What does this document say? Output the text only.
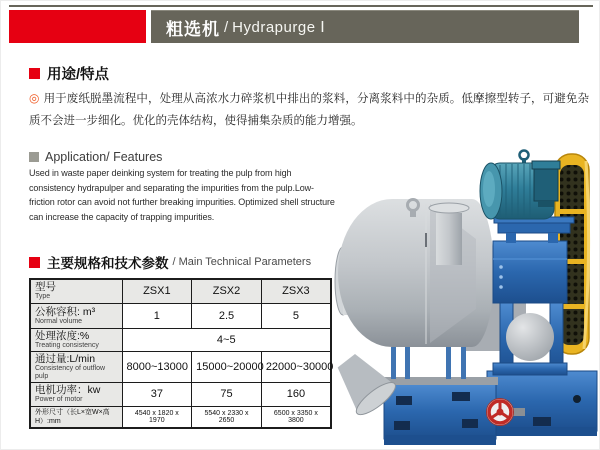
粗选机 / Hydrapurge Ⅰ
用途/特点
◎ 用于废纸脱墨流程中，处理从高浓水力碎浆机中排出的浆料，分离浆料中的杂质。低摩擦型转子，可避免杂质不会进一步细化。优化的壳体结构，使得捕集杂质的能力增强。
Application/ Features
Used in waste paper deinking system for treating the pulp from high consistency hydrapulper and separating the impurities from the pulp.Low-friction rotor can avoid not further breaking impurities. Optimized shell structure can increase the capacity of trapping impurities.
主要规格和技术参数 / Main Technical Parameters
型号
Type	ZSX1	ZSX2	ZSX3

公称容积: m³
Normal volume	1	2.5	5

处理浓度:%
Treating consistency	4~5		

通过量:L/min
Consistency of outflow pulp	8000~13000	15000~20000	22000~30000

电机功率：kw
Power of motor	37	75	160

外形尺寸（长L×宽W×高H）:mm	4540 x 1820 x 1970	5540 x 2330 x 2650	6500 x 3350 x 3800
